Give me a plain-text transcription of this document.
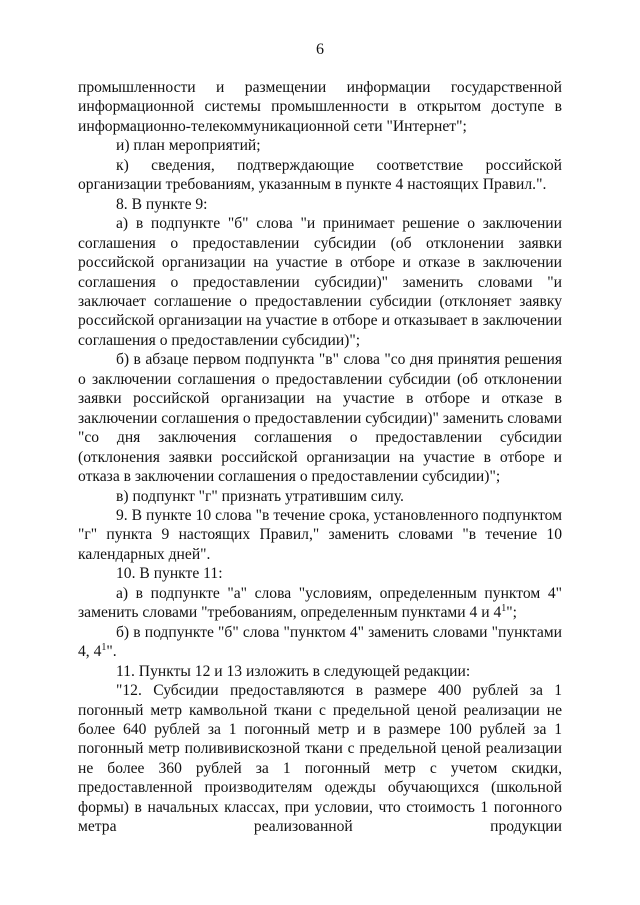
6

промышленности и размещении информации государственной информационной системы промышленности в открытом доступе в информационно-телекоммуникационной сети "Интернет";

и) план мероприятий;

к) сведения, подтверждающие соответствие российской организации требованиям, указанным в пункте 4 настоящих Правил.".

8. В пункте 9:

а) в подпункте "б" слова "и принимает решение о заключении соглашения о предоставлении субсидии (об отклонении заявки российской организации на участие в отборе и отказе в заключении соглашения о предоставлении субсидии)" заменить словами "и заключает соглашение о предоставлении субсидии (отклоняет заявку российской организации на участие в отборе и отказывает в заключении соглашения о предоставлении субсидии)";

б) в абзаце первом подпункта "в" слова "со дня принятия решения о заключении соглашения о предоставлении субсидии (об отклонении заявки российской организации на участие в отборе и отказе в заключении соглашения о предоставлении субсидии)" заменить словами "со дня заключения соглашения о предоставлении субсидии (отклонения заявки российской организации на участие в отборе и отказа в заключении соглашения о предоставлении субсидии)";

в) подпункт "г" признать утратившим силу.

9. В пункте 10 слова "в течение срока, установленного подпунктом "г" пункта 9 настоящих Правил," заменить словами "в течение 10 календарных дней".

10. В пункте 11:

а) в подпункте "а" слова "условиям, определенным пунктом 4" заменить словами "требованиям, определенным пунктами 4 и $4^1$";

б) в подпункте "б" слова "пунктом 4" заменить словами "пунктами 4, $4^1$".

11. Пункты 12 и 13 изложить в следующей редакции:

"12. Субсидии предоставляются в размере 400 рублей за 1 погонный метр камвольной ткани с предельной ценой реализации не более 640 рублей за 1 погонный метр и в размере 100 рублей за 1 погонный метр полививискозной ткани с предельной ценой реализации не более 360 рублей за 1 погонный метр с учетом скидки, предоставленной производителям одежды обучающихся (школьной формы) в начальных классах, при условии, что стоимость 1 погонного метра реализованной продукции
